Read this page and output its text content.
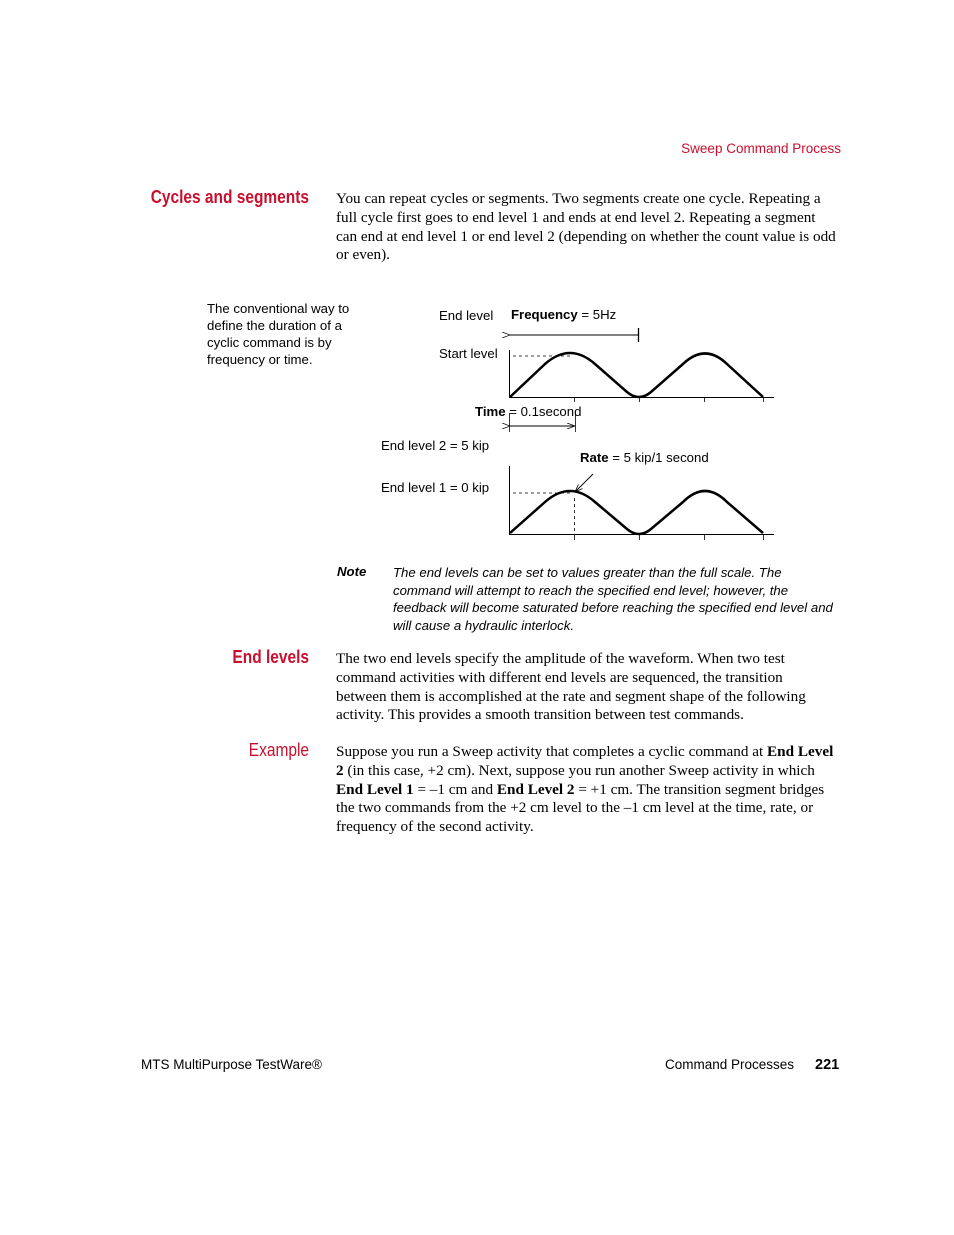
Sweep Command Process
Cycles and segments You can repeat cycles or segments. Two segments create one cycle. Repeating a full cycle first goes to end level 1 and ends at end level 2. Repeating a segment can end at end level 1 or end level 2 (depending on whether the count value is odd or even).
The conventional way to define the duration of a cyclic command is by frequency or time.
End level Frequency = 5Hz
Start level
Time = 0.1second
End level 2 = 5 kip
Rate = 5 kip/1 second
End level 1 = 0 kip
Note The end levels can be set to values greater than the full scale. The command will attempt to reach the specified end level; however, the feedback will become saturated before reaching the specified end level and will cause a hydraulic interlock.
End levels The two end levels specify the amplitude of the waveform. When two test command activities with different end levels are sequenced, the transition between them is accomplished at the rate and segment shape of the following activity. This provides a smooth transition between test commands.
Example Suppose you run a Sweep activity that completes a cyclic command at End Level 2 (in this case, +2 cm). Next, suppose you run another Sweep activity in which End Level 1 = –1 cm and End Level 2 = +1 cm. The transition segment bridges the two commands from the +2 cm level to the –1 cm level at the time, rate, or frequency of the second activity.
MTS MultiPurpose TestWare®	Command Processes 221
